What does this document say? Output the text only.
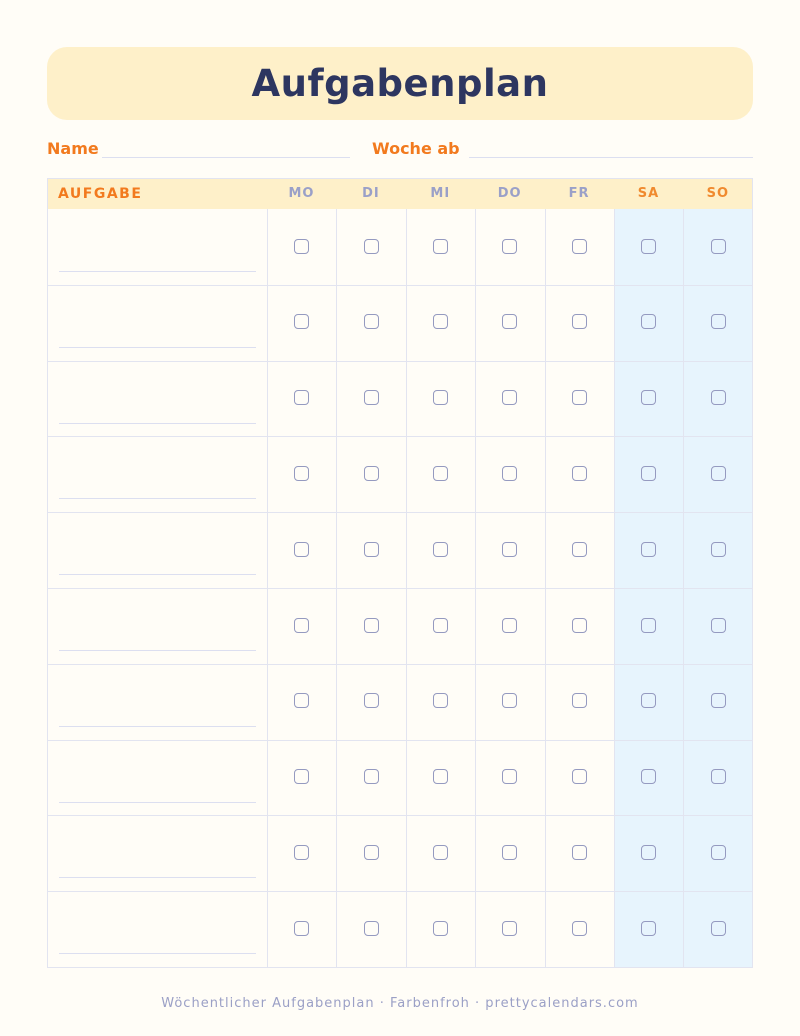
Aufgabenplan
Name	Woche ab
AUFGABE	MO	DI	MI	DO	FR	SA	SO
Wöchentlicher Aufgabenplan · Farbenfroh · prettycalendars.com
